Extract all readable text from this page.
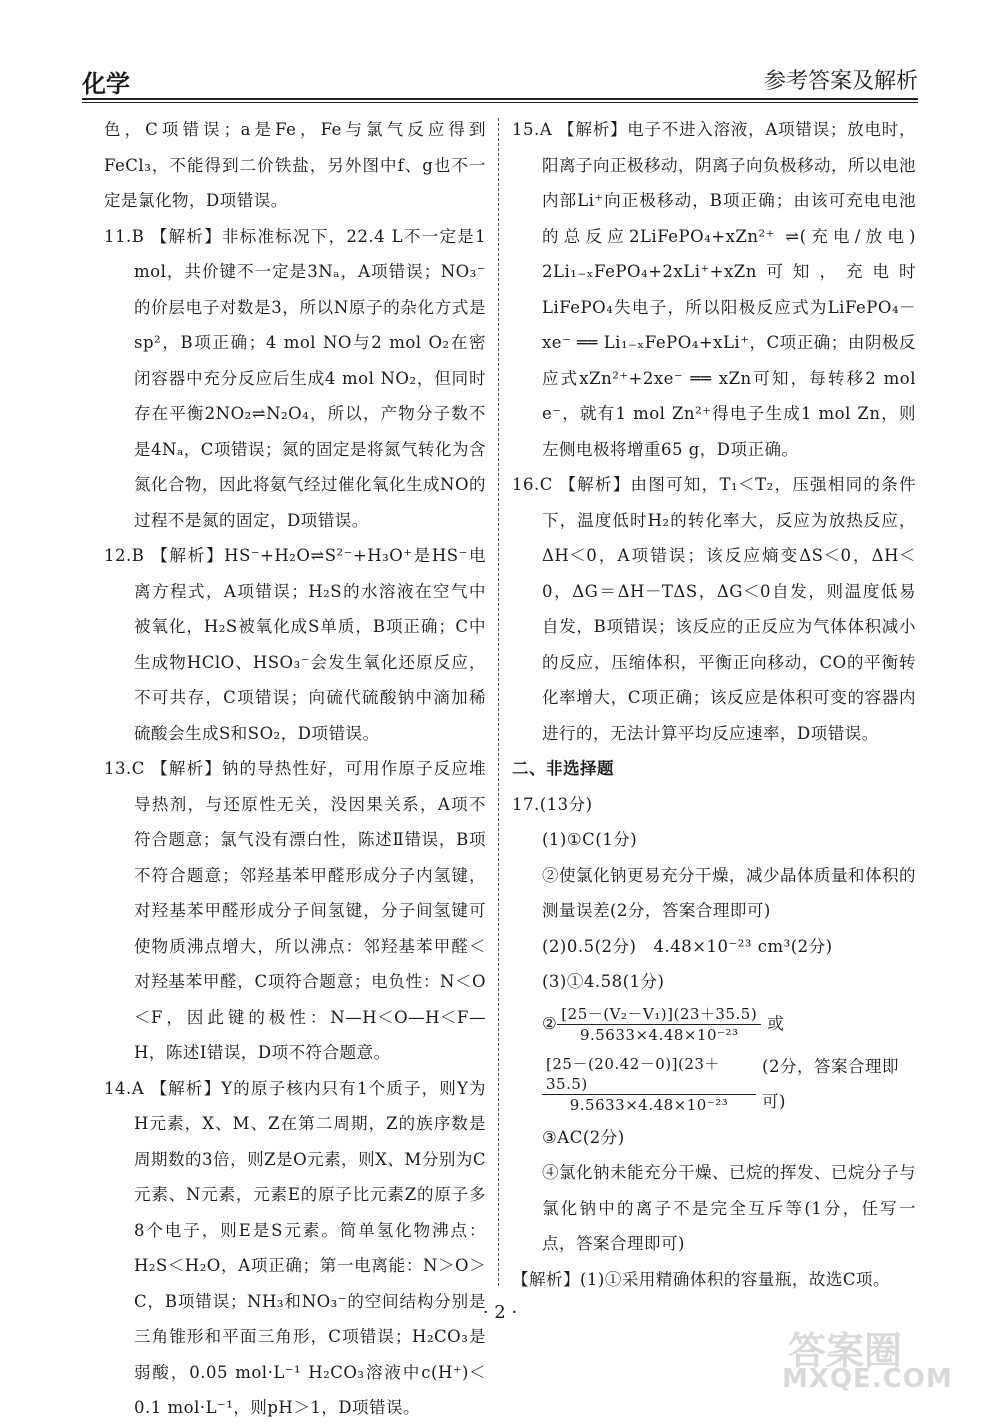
化学	参考答案及解析

色，C项错误；a是Fe，Fe与氯气反应得到FeCl₃，不能得到二价铁盐，另外图中f、g也不一定是氯化物，D项错误。

11.B 【解析】非标准标况下，22.4 L不一定是1 mol，共价键不一定是3Nₐ，A项错误；NO₃⁻的价层电子对数是3，所以N原子的杂化方式是sp²，B项正确；4 mol NO与2 mol O₂在密闭容器中充分反应后生成4 mol NO₂，但同时存在平衡2NO₂⇌N₂O₄，所以，产物分子数不是4Nₐ，C项错误；氮的固定是将氮气转化为含氮化合物，因此将氨气经过催化氧化生成NO的过程不是氮的固定，D项错误。

12.B 【解析】HS⁻+H₂O⇌S²⁻+H₃O⁺是HS⁻电离方程式，A项错误；H₂S的水溶液在空气中被氧化，H₂S被氧化成S单质，B项正确；C中生成物HClO、HSO₃⁻会发生氧化还原反应，不可共存，C项错误；向硫代硫酸钠中滴加稀硫酸会生成S和SO₂，D项错误。

13.C 【解析】钠的导热性好，可用作原子反应堆导热剂，与还原性无关，没因果关系，A项不符合题意；氯气没有漂白性，陈述Ⅱ错误，B项不符合题意；邻羟基苯甲醛形成分子内氢键，对羟基苯甲醛形成分子间氢键，分子间氢键可使物质沸点增大，所以沸点：邻羟基苯甲醛＜对羟基苯甲醛，C项符合题意；电负性：N＜O＜F，因此键的极性：N—H＜O—H＜F—H，陈述Ⅰ错误，D项不符合题意。

14.A 【解析】Y的原子核内只有1个质子，则Y为H元素，X、M、Z在第二周期，Z的族序数是周期数的3倍，则Z是O元素，则X、M分别为C元素、N元素，元素E的原子比元素Z的原子多8个电子，则E是S元素。简单氢化物沸点：H₂S＜H₂O，A项正确；第一电离能：N＞O＞C，B项错误；NH₃和NO₃⁻的空间结构分别是三角锥形和平面三角形，C项错误；H₂CO₃是弱酸，0.05 mol·L⁻¹ H₂CO₃溶液中c(H⁺)＜0.1 mol·L⁻¹，则pH＞1，D项错误。

15.A 【解析】电子不进入溶液，A项错误；放电时，阳离子向正极移动，阴离子向负极移动，所以电池内部Li⁺向正极移动，B项正确；由该可充电电池的总反应2LiFePO₄+xZn²⁺ ⇌(充电/放电) 2Li₁₋ₓFePO₄+2xLi⁺+xZn可知，充电时LiFePO₄失电子，所以阳极反应式为LiFePO₄－xe⁻ ══ Li₁₋ₓFePO₄+xLi⁺，C项正确；由阴极反应式xZn²⁺+2xe⁻ ══ xZn可知，每转移2 mol e⁻，就有1 mol Zn²⁺得电子生成1 mol Zn，则左侧电极将增重65 g，D项正确。

16.C 【解析】由图可知，T₁＜T₂，压强相同的条件下，温度低时H₂的转化率大，反应为放热反应，ΔH＜0，A项错误；该反应熵变ΔS＜0，ΔH＜0，ΔG＝ΔH－TΔS，ΔG＜0自发，则温度低易自发，B项错误；该反应的正反应为气体体积减小的反应，压缩体积，平衡正向移动，CO的平衡转化率增大，C项正确；该反应是体积可变的容器内进行的，无法计算平均反应速率，D项错误。

二、非选择题

17.(13分)

(1)①C(1分)

②使氯化钠更易充分干燥，减少晶体质量和体积的测量误差(2分，答案合理即可)

(2)0.5(2分)　4.48×10⁻²³ cm³(2分)

(3)①4.58(1分)

② $\frac{\text{[25－(V₂－V₁)](23＋35.5)}}{\text{9.5633×4.48×10⁻²³}}$ 或
$\frac{[25-(20.42-0)](23+35.5)}{\text{9.5633×4.48×10⁻²³}} (2$分，答案合理即可)

③AC(2分)

④氯化钠未能充分干燥、已烷的挥发、已烷分子与氯化钠中的离子不是完全互斥等(1分，任写一点，答案合理即可)

【解析】(1)①采用精确体积的容量瓶，故选C项。

· 2 ·
答案圈
MXQE.COM
